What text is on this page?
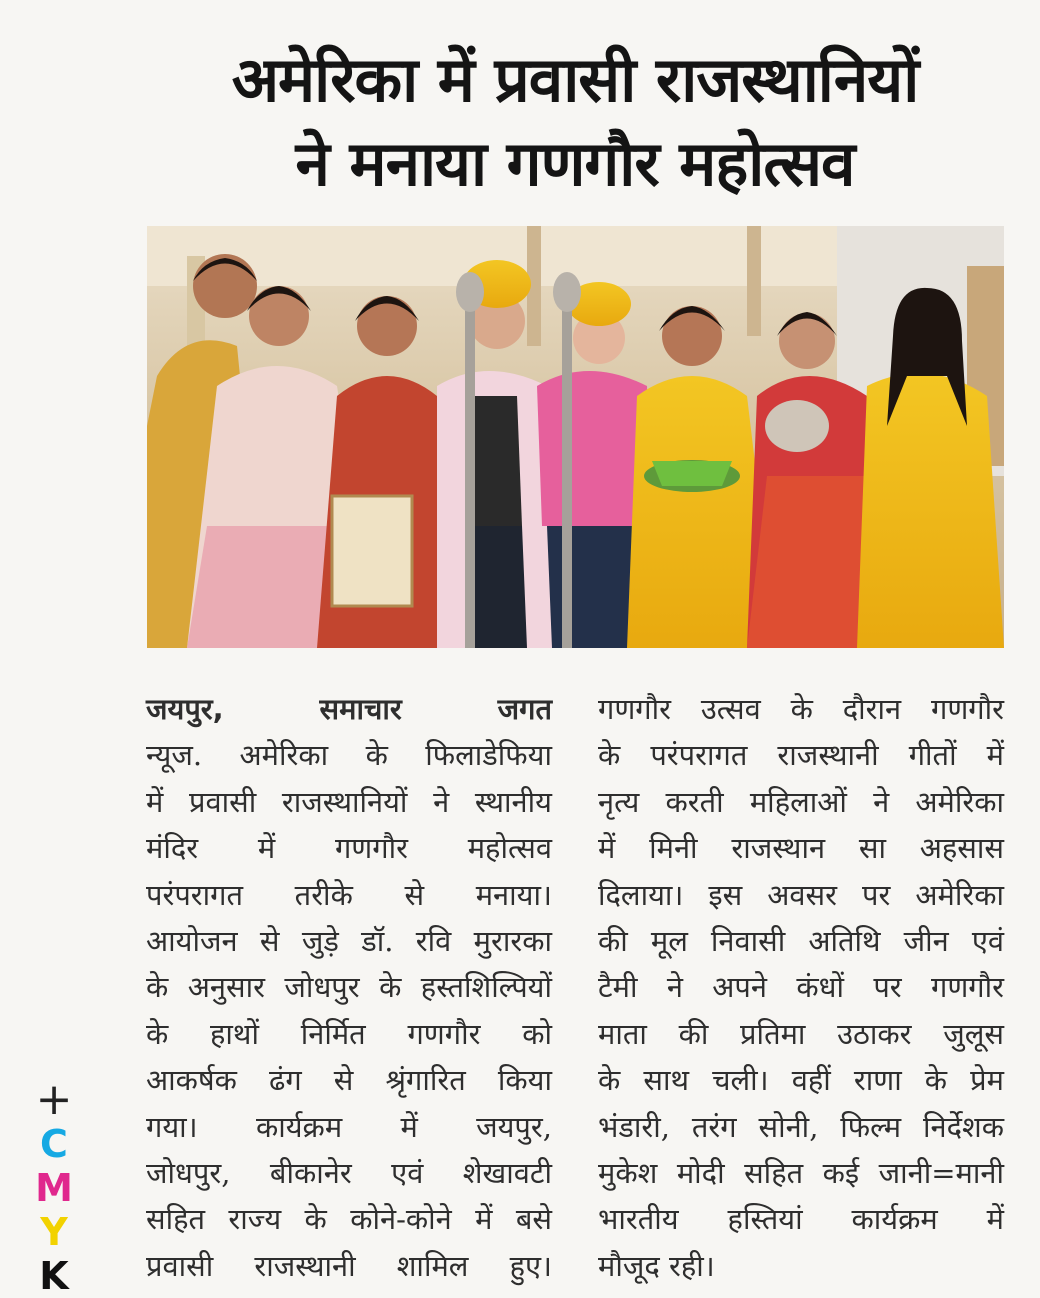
अमेरिका में प्रवासी राजस्थानियों
ने मनाया गणगौर महोत्सव
जयपुर, समाचार जगत
न्यूज. अमेरिका के फिलाडेफिया
में प्रवासी राजस्थानियों ने स्थानीय
मंदिर में गणगौर महोत्सव
परंपरागत तरीके से मनाया।
आयोजन से जुड़े डॉ. रवि मुरारका
के अनुसार जोधपुर के हस्तशिल्पियों
के हाथों निर्मित गणगौर को
आकर्षक ढंग से श्रृंगारित किया
गया। कार्यक्रम में जयपुर,
जोधपुर, बीकानेर एवं शेखावटी
सहित राज्य के कोने-कोने में बसे
प्रवासी राजस्थानी शामिल हुए।
गणगौर उत्सव के दौरान गणगौर
के परंपरागत राजस्थानी गीतों में
नृत्य करती महिलाओं ने अमेरिका
में मिनी राजस्थान सा अहसास
दिलाया। इस अवसर पर अमेरिका
की मूल निवासी अतिथि जीन एवं
टैमी ने अपने कंधों पर गणगौर
माता की प्रतिमा उठाकर जुलूस
के साथ चली। वहीं राणा के प्रेम
भंडारी, तरंग सोनी, फिल्म निर्देशक
मुकेश मोदी सहित कई जानी=मानी
भारतीय हस्तियां कार्यक्रम में
मौजूद रही।
+
C
M
Y
K
